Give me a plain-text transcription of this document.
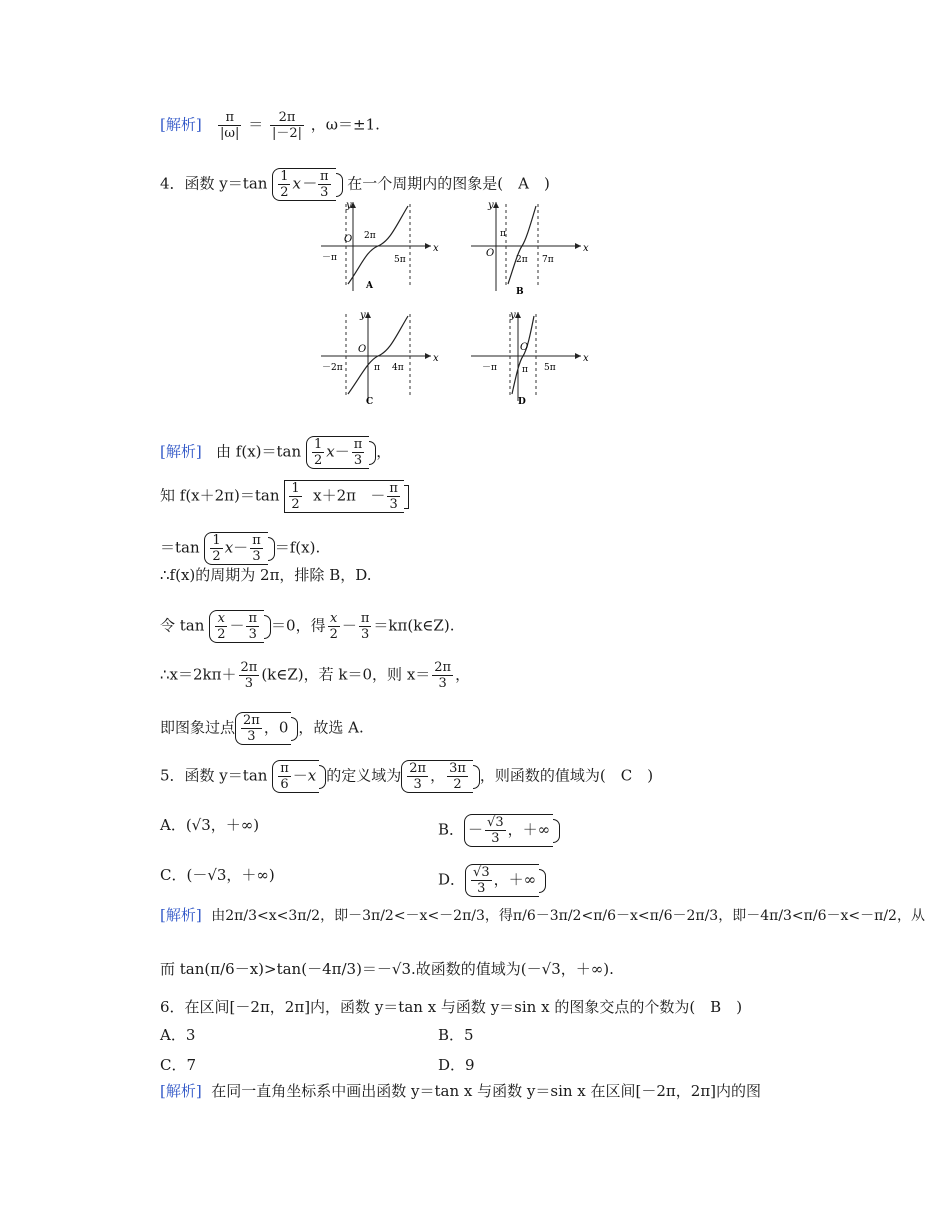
[解析] $\frac{\pi}{|\omega|} = \frac{2\pi}{|-2|}$ ，ω＝±1.
4．函数 $y=\tan \frac{1}{2} x- \frac{\pi}{3}$ 在一个周期内的图象是(　A　)
x
y
O
－π
2π
5π
A
x
y
O
π
2π 7π
B
x
y
O
－2π	π 4π
C
x
y
O
－π	π 5π
D
[解析] 由 $f(x)=\tan \frac{1}{2} x- \frac{\pi}{3}$ ，
知 $f(x+2\pi)=\tan \frac{1}{2} x+2\pi - \frac{\pi}{3}$
$=\tan \frac{1}{2} x- \frac{\pi}{3} =f(x)$.
∴f(x)的周期为 2π，排除 B，D.
令 $\tan \frac{x}{2} - \frac{\pi}{3} =0$，得 $\frac{x}{2} - \frac{\pi}{3}$ ＝kπ(k∈Z).
∴x＝2kπ＋ $\frac{2\pi}{3}$ (k∈Z)，若 k＝0，则 $x= \frac{2\pi}{3}$ ，
即图象过点 $\frac{2\pi}{3}$ ，0 ，故选 A.
5．函数 $y=\tan \frac{\pi}{6} -x$ 的定义域为 $\frac{2\pi}{3}$ ， $\frac{3\pi}{2}$ ，则函数的值域为(　C　)
A．(√3，＋∞)	B． － $\frac{√3}{3}$ ，＋∞
C．(－√3，＋∞)	D． $\frac{√3}{3}$ ，＋∞
[解析] 由2π/3<x<3π/2，即－3π/2<－x<－2π/3，得π/6－3π/2<π/6－x<π/6－2π/3，即－4π/3<π/6－x<－π/2，从
而 tan(π/6－x)>tan(－4π/3)＝－√3.故函数的值域为(－√3，＋∞).
6．在区间[－2π，2π]内，函数 y＝tan x 与函数 y＝sin x 的图象交点的个数为(　B　)
A．3	B．5
C．7	D．9
[解析] 在同一直角坐标系中画出函数 y＝tan x 与函数 y＝sin x 在区间[－2π，2π]内的图
